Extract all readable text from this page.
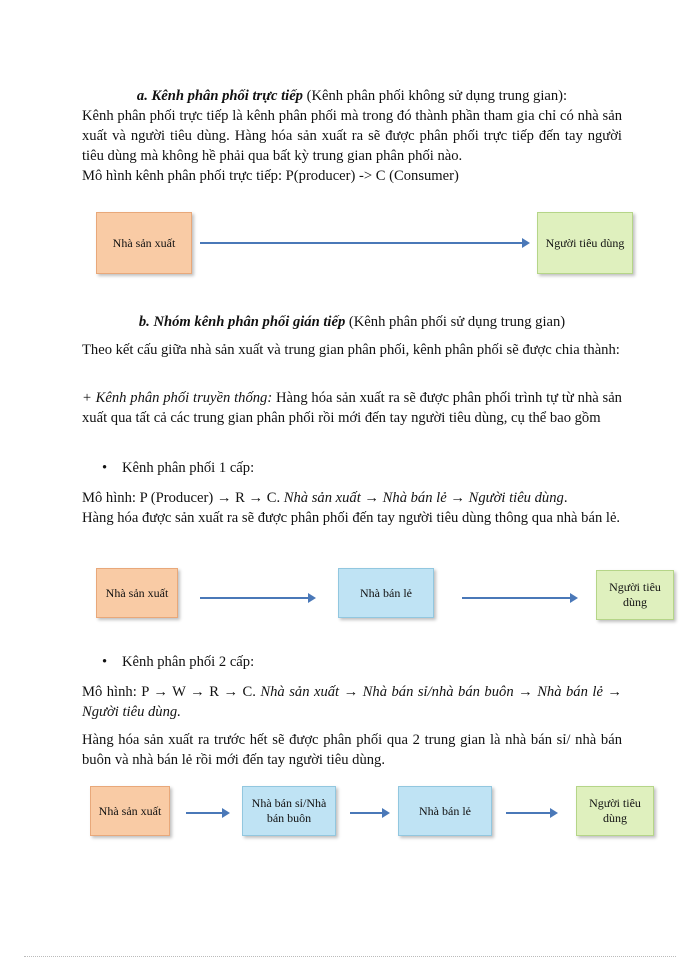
a. Kênh phân phối trực tiếp (Kênh phân phối không sử dụng trung gian):

Kênh phân phối trực tiếp là kênh phân phối mà trong đó thành phần tham gia chỉ có nhà sản xuất và người tiêu dùng. Hàng hóa sản xuất ra sẽ được phân phối trực tiếp đến tay người tiêu dùng mà không hề phải qua bất kỳ trung gian phân phối nào.

Mô hình kênh phân phối trực tiếp: P(producer) -> C (Consumer)

Nhà sản xuất	Người tiêu dùng
b. Nhóm kênh phân phối gián tiếp (Kênh phân phối sử dụng trung gian)

Theo kết cấu giữa nhà sản xuất và trung gian phân phối, kênh phân phối sẽ được chia thành:

+ Kênh phân phối truyền thống: Hàng hóa sản xuất ra sẽ được phân phối trình tự từ nhà sản xuất qua tất cả các trung gian phân phối rồi mới đến tay người tiêu dùng, cụ thể bao gồm

• Kênh phân phối 1 cấp:

Mô hình: P (Producer) → R → C. Nhà sản xuất → Nhà bán lẻ → Người tiêu dùng.

Hàng hóa được sản xuất ra sẽ được phân phối đến tay người tiêu dùng thông qua nhà bán lẻ.

Nhà sản xuất	Nhà bán lẻ	Người tiêu dùng
• Kênh phân phối 2 cấp:

Mô hình: P → W → R → C. Nhà sản xuất → Nhà bán sỉ/nhà bán buôn → Nhà bán lẻ → Người tiêu dùng.

Hàng hóa sản xuất ra trước hết sẽ được phân phối qua 2 trung gian là nhà bán sỉ/ nhà bán buôn và nhà bán lẻ rồi mới đến tay người tiêu dùng.

Nhà sản xuất
Nhà bán sỉ/Nhà bán buôn
Nhà bán lẻ
Người tiêu dùng
